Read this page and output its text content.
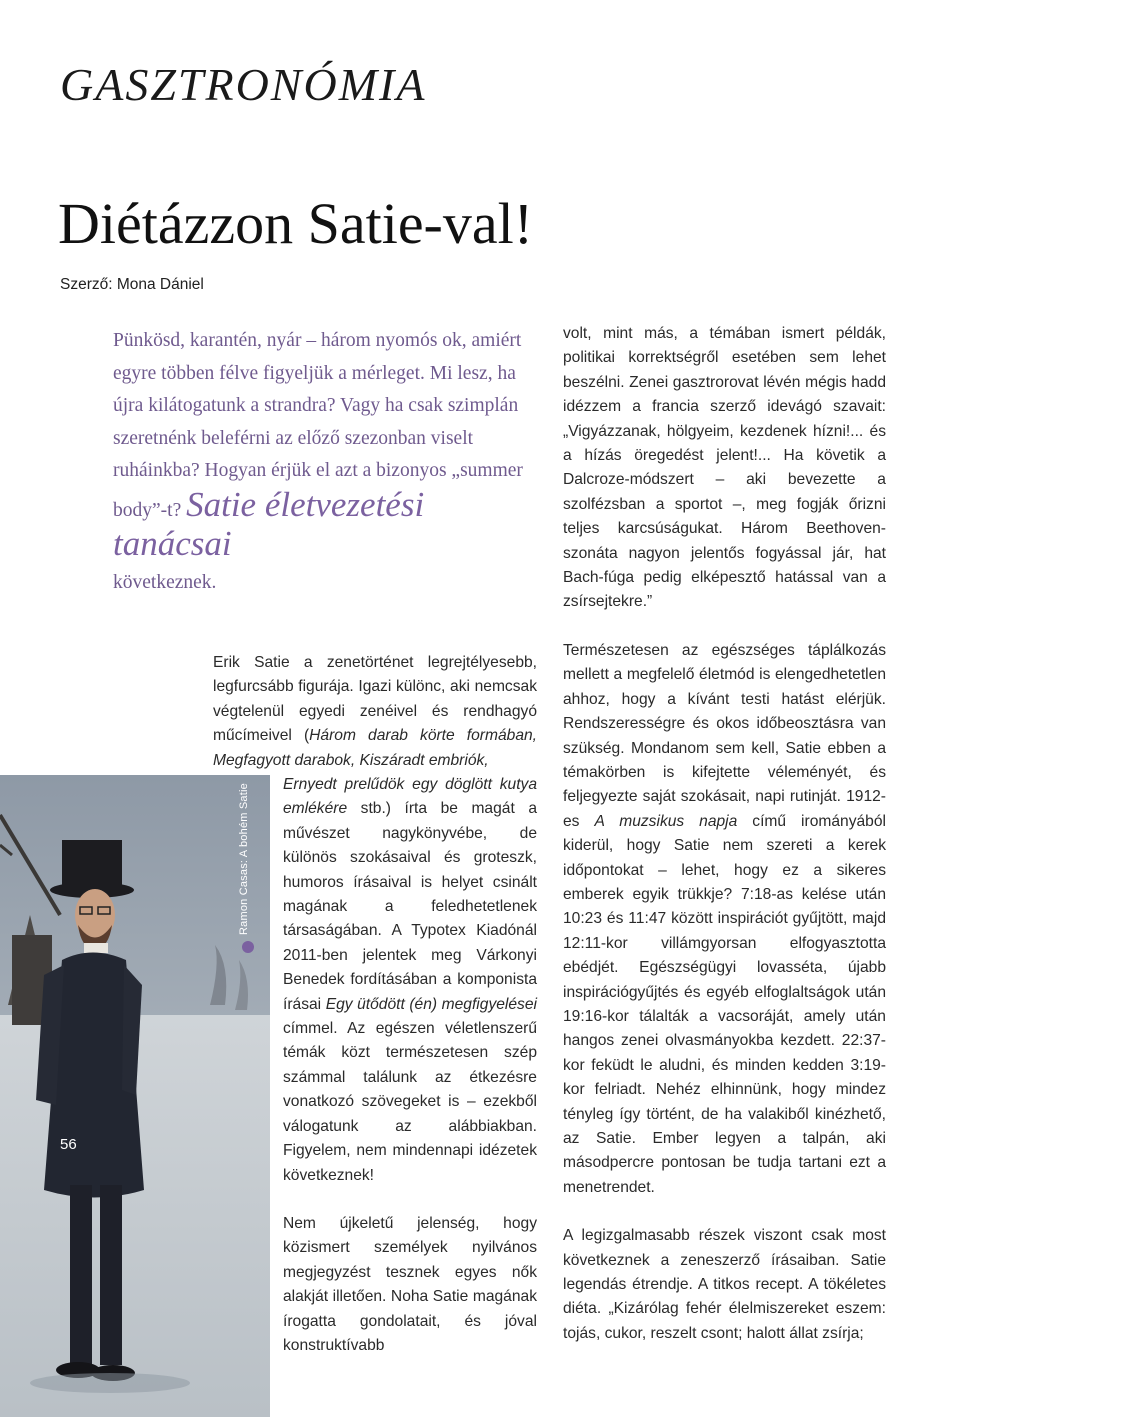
GASZTRONÓMIA
Diétázzon Satie-val!
Szerző: Mona Dániel

Pünkösd, karantén, nyár – három nyomós ok, amiért egyre többen félve figyeljük a mérleget. Mi lesz, ha újra kilátogatunk a strandra? Vagy ha csak szimplán szeretnénk beleférni az előző szezonban viselt ruháinkba? Hogyan érjük el azt a bizonyos „summer body”-t? Satie életvezetési tanácsai
következnek.

Ramon Casas: A bohém Satie
56

Erik Satie a zenetörténet legrejtélyesebb, legfurcsább figurája. Igazi különc, aki nemcsak végtelenül egyedi zenéivel és rendhagyó műcímeivel (Három darab körte formában, Megfagyott darabok, Kiszáradt embriók,

Ernyedt prelűdök egy döglött kutya emlékére stb.) írta be magát a művészet nagykönyvébe, de különös szokásaival és groteszk, humoros írásaival is helyet csinált magának a feledhetetlenek társaságában. A Typotex Kiadónál 2011-ben jelentek meg Várkonyi Benedek fordításában a komponista írásai Egy ütődött (én) megfigyelései címmel. Az egészen véletlenszerű témák közt természetesen szép számmal találunk az étkezésre vonatkozó szövegeket is – ezekből válogatunk az alábbiakban. Figyelem, nem mindennapi idézetek következnek!

Nem újkeletű jelenség, hogy közismert személyek nyilvános megjegyzést tesznek egyes nők alakját illetően. Noha Satie magának írogatta gondolatait, és jóval konstruktívabb

volt, mint más, a témában ismert példák, politikai korrektségről esetében sem lehet beszélni. Zenei gasztrorovat lévén mégis hadd idézzem a francia szerző idevágó szavait: „Vigyázzanak, hölgyeim, kezdenek hízni!... és a hízás öregedést jelent!... Ha követik a Dalcroze-módszert – aki bevezette a szolfézsban a sportot –, meg fogják őrizni teljes karcsúságukat. Három Beethoven-szonáta nagyon jelentős fogyással jár, hat Bach-fúga pedig elképesztő hatással van a zsírsejtekre.”

Természetesen az egészséges táplálkozás mellett a megfelelő életmód is elengedhetetlen ahhoz, hogy a kívánt testi hatást elérjük. Rendszerességre és okos időbeosztásra van szükség. Mondanom sem kell, Satie ebben a témakörben is kifejtette véleményét, és feljegyezte saját szokásait, napi rutinját. 1912-es A muzsikus napja című irományából kiderül, hogy Satie nem szereti a kerek időpontokat – lehet, hogy ez a sikeres emberek egyik trükkje? 7:18-as kelése után 10:23 és 11:47 között inspirációt gyűjtött, majd 12:11-kor villámgyorsan elfogyasztotta ebédjét. Egészségügyi lovasséta, újabb inspirációgyűjtés és egyéb elfoglaltságok után 19:16-kor tálalták a vacsoráját, amely után hangos zenei olvasmányokba kezdett. 22:37-kor feküdt le aludni, és minden kedden 3:19-kor felriadt. Nehéz elhinnünk, hogy mindez tényleg így történt, de ha valakiből kinézhető, az Satie. Ember legyen a talpán, aki másodpercre pontosan be tudja tartani ezt a menetrendet.

A legizgalmasabb részek viszont csak most következnek a zeneszerző írásaiban. Satie legendás étrendje. A titkos recept. A tökéletes diéta. „Kizárólag fehér élelmiszereket eszem: tojás, cukor, reszelt csont; halott állat zsírja;
